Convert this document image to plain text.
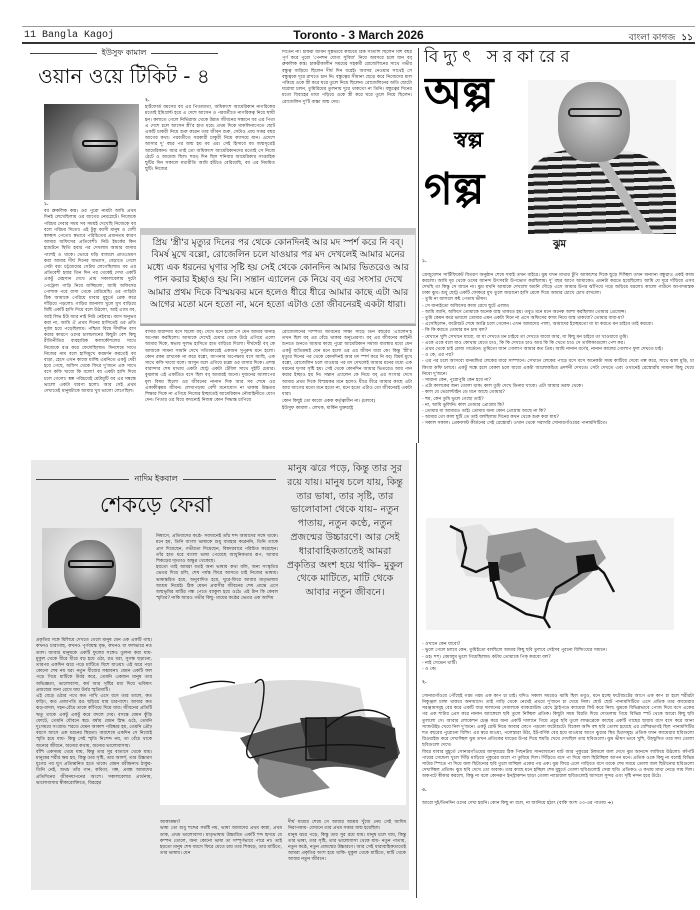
11 Bangla Kagoj	Toronto - 3 March 2026	বাংলা কাগজ ১১
ইউসুফ কামাল
ওয়ান ওয়ে টিকিট - ৪

১.

বব ব্রুকলিক কন্ত্র। ওর পুরো নামটা আমি প্রথম দিনই লেখেছিলাম ওর ব্যাগের নেমপ্লেটে। নিজেকে পরিচয় দেবার সময় সব সময়ই দেখেছি নিজেকে বব বলে পরিচয় দিতো। এই টুকু বয়সী মানুষ ও বেশী স্বাচ্ছন্দ পেতো। স্বভাবে পরিচিতের প্রধানতম কারণ আমার অফিসের প্রতিবেশী। নিউ ইয়র্কের কিন হ্যামটনে স্থিতি হবার পর দেখলাম আমার বাসার পাশেই ও থাকে। ভোরে ঘড়ি বাজলে প্রাতঃভ্রমণ করা আমার দীর্ঘ দিনের অভ্যাস, বেড়াতে গেলে সেটা বরং চট্টগ্রামের সেটায় লেগেছিলাম। বব এর প্রতিবেশী হবার তিন দিন পর থেকেই দেখা একটি একটু মেহসান দেখে প্রায় সকালবেলায় দুটো পেট্রোল গাড়ি নিয়ে যাচ্ছিলো, আমি অফিসের পোশাক পরে বাসা থেকে বেরিয়েছি। ওর গাড়িটা ঠিক আমাকে পেরিয়ে যাবার মুহূর্তে ব্রেক করে দাঁড়িয়ে পড়লো। গাড়ির জানালা খুলে মুখ বাড়িয়ে মিষ্টি একটি হাসি দিয়ে বলে উঠলো, আই এ্যাম বব, আই লিভ ইউ আর নাই নিউ নেইবার। বয়স অনুভব করা না, আমি ঐ প্রথম দিনের হাসিতেই ওর প্রতি দুর্বল হয়ে পড়েছিলাম। পশ্চিমা বিশ্বে দীর্ঘদিন বাস করার কারণে ওদের চালচলনের কিছুটা বেশ কিছু রীতিনীতির ব্যবহারিক কলাকৌশলের সাথে নিজেকে রপ্ত করে ফেলেছিলাম। দিনশেষে সাথে নিজের নাম বলে হাসিমুখে করমর্দন করতেই বব বাড়া, হেসে এখন কাজে যাচ্ছি এমনিতে একটু দেরী হয়ে গেছে, অফিস থেকে ফিরে দু'জনে এক সাথে বসে কফি খাবো কি বলো! বব একটা হাসি দিয়ে চলে গেলো। স্বল্প পরিচয়েই মেটামুটি বব এর সম্বন্ধে ভালো একটা ধারণা হলো। আর সেই প্রথম দেখাতেই মানুষটাকে আমার খুব ভালো লেগেছিল।

২.

হার্টফোর্ড বয়সের বব এর পিতামাতা, অধিকাংশ আমেরিকান নাগরিকের মতোই ইমিগ্রান্ট হয়ে এ দেশে আসেন ও পরবর্তীতে নাগরিকত্ব নিয়ে স্থায়ী হন। কলাতে গেলে নির্ভিরাজ থেকে উন্নত জীবনের সন্ধানে বব এর পিতা এ দেশে চলে আসেন স্ত্রী'র হাত ধরে। প্রথম দিকে মাকলিনাগেতে ছোট একটি চাকরী নিয়ে শুরু করেন তার জীবন শুরু, সেটাও প্রায় সত্তর বছর আগের কথা। পরবর্তীতে সরকারী চাকুরী নিয়ে ক্যাসয়ে যান। এদেশে আসার দু' বছর পর জন্ম হয় বব এর। সেই হিসাবে বব জন্মসূত্রেই আমেরিকান। আর তাই তো অধিকাংশ আমেরিকানদের মতোই সে নিজে ঠেটে ও আমেজ ছিল। শরত্‌ দিন ছিল শনিবার আমেরিকার সাপ্তাহিক ছুটির দিন সকালে যথারীতি আমি হাঁটতে বেরিয়েছি, বব এর নিয়মিত ছুটি। নিজের

দিতেন না। চাকরী জীবন সুষ্ঠভাবে কাটিয়ে ঠিক সাতাশি ছিলেন বিশ বছর পূর্ণ করে পুরো 'পেনশন যোগ্য সুবিধা' নিয়ে অবসরে চলে যান বব্‌ ব্রুকলিক কন্ত্র। চাকরীকালীন সময়ের সহকর্মী রোজেলিনের সাথে গভীর বন্ধুত্ব জড়িয়ে ছিলেন দীর্ঘ দিন ধরেই। অবসর নেওয়ার সাথেই সে বন্ধুত্বকে দূরে রাখতে চান নি। বন্ধুত্বের সীমানা ছেড়ে করে নিজেদের মাল পত্তিয়ে ওকে স্ত্রী করে ঘরে তুলে নিয়ে ছিলেন। রোজেলিনের অতি ছোটো ঘরোয়া চলন, তুমিরিমের তুলনায় দুরে থাকতো না তিনি। বন্ধুত্বের দিনের মতো বিবাহের মায়া পড়িয়ে ওকে স্ত্রী করে ঘরে তুলে নিয়ে ছিলেন। রোজেলিন দু'টি বাচ্চা জন্ম দেয়।

প্রিয় 'স্ত্রী'র মৃত্যুর দিনের পর থেকে কোনদিনই আর মদ স্পর্শ করে নি বব্‌। বিমর্ষ মুখে বল্লো, রোজেলিন চলে যাওয়ার পর মদ দেখলেই আমার মনের মধ্যে এক ধরনের ঘৃণার সৃষ্টি হয় সেই থেকে কোনদিন আমার ভিতরেও আর পান করার ইচ্ছাও হয় নি। সন্তান এ্যালেন কে নিয়ে বব্‌ এর সংসার দেখে আমার প্রথম দিকে বিস্ময়কর মনে হলেও ধীরে ধীরে আমার কাছে এটা আর আগের মতো মনে হতো না, মনে হতো এটাও তো জীবনেরই একটা ধারা।

বাসার বারান্দায় বসে ছিলো বব্‌। দেখে মনে হলো সে যেন আমার জন্যই অপেক্ষা করছিলো। আমাকে দেখেই চেয়ার থেকে উঠে এগিয়ে এলো আমার দিকে, স্বভাব সুলভ হাসিতে হাত বাড়িয়ে দিলো। দীর্ঘদেহী বব্‌ কে আজকে সামনা সামনি দেখে সত্যিকারেই একজন সুপুরুষ মনে হলো। কোন রকম রাখঢাক না করে বল্লো, আপনার অপেক্ষায় বসে আছি, এক সাথে কফি খাবো বলে। আসুন বলে এগিয়ে চল্লো ওর বাসার দিকে। প্রশস্ত বারান্দার শেষ মাথায় একটা ছোট্ট একটা টেবিল সাথে দুইটি চেয়ার। বুঝলাম এই একটিতে বসে ছিল বব্‌ আমারই জন্যে। দুজনের আলাপের মূল বিষয় ছিলো ওর জীবনের নানান দিক আর সব শেষে ওর একাকীত্বময় জীবন। লেখাপড়ায় বেশী মনোযোগ না থাকায় উচ্চতর শিক্ষার দিকে না এগিয়ে নিজের ইচ্ছাতেই আমেরিকান নৌবাহিনীতে যোগ দেন। পিতার ওর বিয়ে কখনোই নিজস্ব কোন সিদ্ধান্ত চাপিয়ে

রোজেলিনের দাম্পত্য জীবনের সাক্ষী সাড়ে তিন বছরের 'এ্যালেন'ই তখন ছিল বব্‌ এর বেঁচে থাকার অনুপ্রেরণা। বব্‌ এর জীবনের কাহিনী শুনতে শুনতে আমার কাছে পুরো আমেরিকান সমাজ ব্যবস্থার মধ্যে যেন একটু ব্যতিক্রমই যেন মনে হলো ওর এর জীবন ধারা কে। কিন্তু 'স্ত্রী'র মৃত্যুর দিনের পর থেকে কোনদিনই আর মদ স্পর্শ করে নি বব্‌। বিমর্ষ মুখে বল্লো, রোজেলিন চলে যাওয়ার পর মদ দেখলেই আমার মনের মধ্যে এক ধরনের ঘৃণার সৃষ্টি হয়। সেই থেকে কোনদিন আমার ভিতরেও আর পান করার ইচ্ছাও হয় নি। সন্তান এ্যালেন কে নিয়ে বব্‌ এর সংসার দেখে আমার প্রথম দিকে বিস্ময়কর মনে হলেও ধীরে ধীরে আমার কাছে এটা আর আগের মতো মনে হতো না, মনে হতো এটাও তো জীবনেরই একটা ধারা।

কোন কিছুই তো কারো একক কর্তৃত্বাধীন না। (চলবে)

ইউসুফ কামাল : লেখক, মার্কিন যুক্তরাষ্ট্র

বিদ্যুৎ সরকারের
অল্প
স্বল্প
গল্প
ঝুম

১.

গ্রেজুয়েশন সার্টিফিকেট বিতরণ অনুষ্ঠান শেষে সবাই তখন বাইরে। ঝুম যখন মাথার টুপি আকাশের দিকে ছুড়ে দিচ্ছিল তখন অন্যান্য বন্ধুরাও একই কাজ করলো। আমি দূর থেকে ওদের আনন্দ উৎসবটা উপভোগ করছিলাম। দু' বছর আগে আমাকেও এমনটা করতে হয়েছিলো। আমি যে দূরে দাঁড়িয়ে এসব দেখছি তা কিন্তু সে জানে না। ঝুম যখনি আমাকে দেখলো অমনি দৌড়ে এসে আমার উপর ঝাঁপিয়ে পড়ে জড়িয়ে ধরলো। কালো গাউনে আপাদমস্তক ঢাকা ঝুম। শুধু ছোট্ট একটি ফোকরে মুখ তুলে জড়ানো হাসি মেলে দিয়ে আমার চোখে চোখ রাখলো।
- তুমি না আসলে কষ্ট পেতাম ভীষণ।
- সে জন্যইতো অফিসের কাজ রেখে ছুটে এলাম।
- আমি জানি, অফিসে তোমাকে অনেক ব্যস্ত থাকতে হয়। তবুও মনে মনে অনেক আশা করছিলাম তোমার প্রেজেন্স।
- তুমি কেমন করে ভাবলে তোমার এমন একটা দিনে না এসে অফিসের কাজ নিয়ে ব্যস্ত থাকবো? তোমার বাবা-মা?
- এসেছিলেন, ফটোশুট শেষে আপ্পি চলে গেলেন। এখন আমাদের পালা, আমাদের ইচ্ছেমতো যা যা করতে মন চাইবে তাই করবো।
- কি কি করতে তোমার মন চায় বল?
- যেখানে খুশি সেখানে যাবো, যা যা দেখতে মন চাইবে তা দেখতে যাবো আর, যা কিছু মন চাইবে তা খাওয়াবে তুমি।
- একে একে বলে যাও কোথায় যেতে চাও, কি কি দেখতে চাও আর কি কি খেতে চাও সে তালিকাগুলো পেশ কর।
- প্রথম থেকে চাই রোজ গার্ডেনে। তুমিতো জান গোলাপ আমার কত প্রিয়। আমি নানান বর্ণের, নানান কালের গোলাপ ফুল দেখতে চাই।
- ও কে, এর পর?
- এর পর চলে আসবো ধানমন্ডির লেকের ধারে সাম্পানে। সেখানে লেকের পাড়ে বসে বসে অনেকটা সময় কাটিয়ে দেবো গল্প করে, সাথে ঝাল মুড়ি, চা কিংবা কফি চলবে। একটু সন্ধে হলে বেকল চলে যাবো একটা আলোকচিত্র প্রদর্শনী দেখতে। সেটা দেখতে এবং ওখানেই রেস্তোরাঁয় সামান্য কিছু খেয়ে নিবো দু'জনে।
- সামান্য কেন, পুরোপুরি কেন হবে না?
- এটা কালকের জন্য তোলা থাক। কাল তুমি দেখে ডিনার খাবো। এটা আমার তরফ থেকে।
- কাল যে ভেলেন্টাইন ডে মনে আছে তোমার?
- হুম, কেন তুমি ভুলে গেছো তাই?
- না, আমি ভুলিনি। কাল তোমার প্রোগ্রাম কি?
- তোমার যা আমারও তাই। তোমার অন্য কোন প্রোগ্রাম আছে না কি?
- আমার তো কাল ছুটি তে তাই বলছিলাম দিনের কখন থেকে শুরু করা যায়?
- সকাল সকাল। প্রেকফাস্ট কীর্তনের সেই রেস্তোরাঁ। ওখান থেকে সরাসরি সোনারগাঁওয়ের পানামসিটিতে।

- ওখানে কেন যাবো?
- ভুলে গেলে চলবে কেন, তুমিইতো বলছিলে আমার কিছু ছবি তুলবে সেইসব পুরনো বিল্ডিংয়ের সামনে।
- ওহ। শশ্‌। বেমালুম ভুলে গিয়েছিলাম। কটায় তোমাকে পিক্‌ করবো বল?
- নাই সেভেন থার্টি।
- ও কে।

২.

সোনারগাঁওয়ে পৌঁছেই গরম গরম এক কাপ চা চাই। যদিও সকাল সময়েও ঝামি ছিল তবুও, মনে হচ্ছে ফটোশুটের আগে এক কাপ চা হলে শরীরটা নিকুঞ্জল চাঙ্গা থাকবে অনায়াসে। তাই গাড়ি থেকে নেমেই প্রথমে দু'জনে চা খেয়ে নিল। ছোট ছোট পানামসিটিতে এসে প্রতিক তার ক্যামেরার সরঞ্জামসমূহ বের করে একটি জড় দালানের দেয়ালকে ব্যাকগ্রাউন্ড রেখে ট্রাইপডে ক্যামেরা ফিট করে নিল। ঝুমকে বিভিন্নভাবে পোজ দিয়ে বসে একের পর এক শাটার প্রেস করে নানান অ্যাঙ্গেলে ছবি তুলে নিচ্ছিল প্রতিক। কিছুটা সময় বিরতি দিয়ে দোতলায় গিয়ে বিভিন্ন স্পট থেকে আরো কিছু ছবি তুললো সে। আবার লোকেশন চেঞ্জ করে অন্য একটি দালানে গিয়ে প্রচুর ছবি তুলে লাঞ্চব্রেকে কাছের একটি গাছের ছায়ায় বসে বসে করে আনা স্যান্ডউইচ খেয়ে নিল দু'জনে। একটু রেস্ট নিয়ে আবার লেগে পড়লো ফটোশুটে। বিকেল অব্দি বহু ছবি তোলা হয়েছে এর বেশিরভাগই ছিল পানামসিটির শত বছরের পুরোনো বিল্ডিং এর স্বরে যাওয়া, পলেস্তারা উঠা, ইট-বর্ণিক বের হয়ে যাওয়ার আগে ঝুমের স্থির চিত্রসমূহ। প্রতিক যখন ক্যামেরার ছবিগুলো রিওয়াইন্ড করে দেখাচ্ছিল ঝুম তখন প্রতিকের ঘাড়ের উপর দিয়ে হুমড়ি খেয়ে দেখছিল তার ছবিগুলো। ঝুম ভীষণ ভাবে খুশি, উচ্ছ্বসিত তার সদ্য তোলা ছবিগুলো দেখে।
ফিরে যাবার মুহূর্তে সোনারগাঁওয়ের জাদুঘরের ঠিক পিছনটায় সানবাধানো ঘাট আর পুকুরের টলমলে জল দেখে ঝুম আনন্দে লাফিয়ে উঠলো। কাঁপটি পায়ের সেন্ডেল খুলে সিঁড়ি মাড়িয়ে পুকুরের জলে পা ডুবিয়ে দিল। সিঁড়িতে বসে পা দিয়ে জল ছিটাচ্ছিল আপন মনে। প্রতিক ওকে কিছু না বলেই বিভিন্ন সাটার স্পিডে পা দিয়ে জল ছিটানোর ছবি তুলে যাচ্ছিল একের পর এক। ঝুম ফিরে এলে গাড়িতে বসে তাকে শেষ সময়ে তোলা জল ছিটানোর ছবিগুলো দেখাচ্ছিল প্রতিক। ঝুম ছবি দেখে তো অবাক। তার কাছে মনে হচ্ছিল শেষ মুহূর্তে তোলা ছবিগুলোই সেরা ছবি। প্রতিকও এ কথায় মাথা নেড়ে সায় দিল। অকপটে স্বীকার করলো, কিন্তু না বলে কোনরূপ ইনস্ট্রাকশন ছাড়া তোলা ন্যাচারাল ছবিগুলোই আসলে সুন্দর এবং দৃষ্টি নন্দন হয়ে উঠে।

৩.

আরো দুই/তিনদিন ওদের দেখা হয়নি। কোন কিছু না বলে, না জানিয়ে হঠাৎ (বাকি অংশ ৩৩-এর পাতায় ➜)

নাদিম ইকবাল
শেকড়ে ফেরা

নিশ্বাসে, প্রতিবাদের কণ্ঠে- সবখানেই তাঁর শব্দ আমাদের সঙ্গে থাকে। মনে হয়, তিনি বাংলা ভাষাকে শুধু ব্যবহার করেননি, তিনি তাকে প্রাণ দিয়েছেন, গভীরতা দিয়েছেন, বিশ্বদরবারে পরিচিত করেছেন। তাঁর হাত ধরে বাংলা ভাষা পেয়েছে আধুনিকতার রূপ, আবার শিকড়ের দৃঢ়তাও অক্ষুণ্ণ থেকেছে।
হয়তো তাই আমরা যতই অন্য ভাষায় কথা বলি, অন্য সংস্কৃতির ভেতর দিয়ে চলি, শেষ পর্যন্ত ফিরে আসতে চাই নিজের ভাষায়। ভাষান্তরিত হয়ে, অনুবাদিত হয়ে, ঘুরে-ফিরে আবার মাতৃভাষায় আশ্রয় নিয়েই। ঠিক যেমন প্রবাসীর জীবনের শেষ প্রান্তে এসে জন্মভূমির মাটির গন্ধ পেতে ব্যাকুল হয়ে ওঠে। এই টান কি কেবল স্মৃতির? নাকি আরও গভীর কিছু- মায়ের কণ্ঠের ভেতর এক আদিম

মানুষ ঝরে পড়ে, কিন্তু তার সুর রয়ে যায়। মানুষ চলে যায়, কিন্তু তার ভাষা, তার সৃষ্টি, তার ভালোবাসা থেকে যায়– নতুন পাতায়, নতুন কণ্ঠে, নতুন প্রজন্মের উচ্চারণে। আর সেই ধারাবাহিকতাতেই আমরা প্রকৃতির অংশ হয়ে থাকি– মুকুল থেকে মাটিতে, মাটি থেকে আবার নতুন জীবনে।

প্রকৃতির সঙ্গে মিলিয়ে দেখতে গেলে মানুষ যেন এক একটি গাছ। কখনও চারাগাছ, কখনও পূর্ণবয়স্ক বৃক্ষ, কখনও বা ফলভারে নত ডাল। আবার মানুষকে একটি ফুলের সঙ্গেও তুলনা করা যায়- মুকুল থেকে ধীরে ধীরে বড় হয়ে ওঠা, রঙ ধরা, সুগন্ধ ছড়ানো, তারপর একদিন ঝরে পড়ে মাটিতে মিশে যাওয়া। এই ঝরে পড়া কোনো শেষ নয় বরং নতুন বীজের সম্ভাবনা। যেমন একটি ফল পড়ে গিয়ে মাটিকে উর্বর করে, তেমনি একজন মানুষ তার অভিজ্ঞতা, ভালোবাসা, কর্ম আর সৃষ্টির মধ্য দিয়ে ভবিষ্যৎ প্রজন্মের জন্য রেখে যায় উর্বর স্মৃতিমাটি।
এই বেড়ে ওঠার পথে কত পাখি এসে বসে তার ডালে, কত ফড়িং, কত প্রজাপতি রঙ ছড়িয়ে যায় চারপাশে। আবার কত ঝড়-বাদল, দহন-রৌদ্র তাকে কাঁপিয়ে দিয়ে যায়। জীবনের প্রতিটি ঋতু তাকে একটু একটু করে বদলে দেয়। বসন্তে যেমন কুঁড়ি ফোটে, তেমনি যৌবনে স্বপ্ন। বর্ষায় যেমন স্নিগ্ধ ওঠে, তেমনি দুঃসময়ে সংগ্রাম। শরতে যেমন আকাশ পরিষ্কার হয়, তেমনি প্রৌঢ় বয়সে আসে এক ধরনের স্থিরতা। অবশেষে একদিন সে নিজেই স্মৃতি হয়ে যায়- কিন্তু সেই স্মৃতি নিঃশব্দ নয়, তা বেঁচে থাকে অন্যের জীবনে, অন্যের কথায়, অন্যের ভালোবাসায়।
বাঁশি একসময় থেমে যায়, কিন্তু তার সুর বাতাসে থেকে যায়। মানুষের শরীর ক্ষয় হয়, কিন্তু তার সৃষ্টি, তার আদর্শ, তার উচ্চারণ যুগের পর যুগ প্রতিধ্বনিত হতে থাকে। যেমন রবীন্দ্রনাথ ঠাকুর- তিনি নেই, অথচ তাঁর গান, কবিতা, গল্প, প্রবন্ধ আমাদের প্রতিদিনের জীবনযাপনের অংশে। সকালবেলার প্রার্থনায়, ভালোবাসার স্বীকারোক্তিতে, বিরহের

আকাঙ্ক্ষা?
ভাষা তো শুধু শব্দের সমষ্টি নয়, ভাষা আমাদের প্রথম কান্না, প্রথম ডাক, প্রথম ভালোবাসা। মাতৃভাষায় উচ্চারিত একটি শব্দ হৃদয়ে যে কম্পন তোলে, অন্য কোনো ভাষা তা সম্পূর্ণভাবে পারে না। তাই হয়তো মানুষ শেষ বয়সে ফিরে যেতে চায় তার শিকড়ে, তার মাটিতে, তার ভাষায়। যেন

দীর্ঘ যাত্রার শেষে সে আবার আশ্রয় খুঁজে নেয় সেই আদিম নিরাপত্তায়- যেখানে তার প্রথম সত্তার জন্ম হয়েছিল।
মানুষ ঝরে পড়ে, কিন্তু তার সুর রয়ে যায়। মানুষ চলে যায়, কিন্তু তার ভাষা, তার সৃষ্টি, তার ভালোবাসা থেকে যায়- নতুন পাতায়, নতুন কণ্ঠে, নতুন প্রজন্মের উচ্চারণে। আর সেই ধারাবাহিকতাতেই আমরা প্রকৃতির অংশ হয়ে থাকি- মুকুল থেকে মাটিতে, মাটি থেকে আবার নতুন জীবনে।
